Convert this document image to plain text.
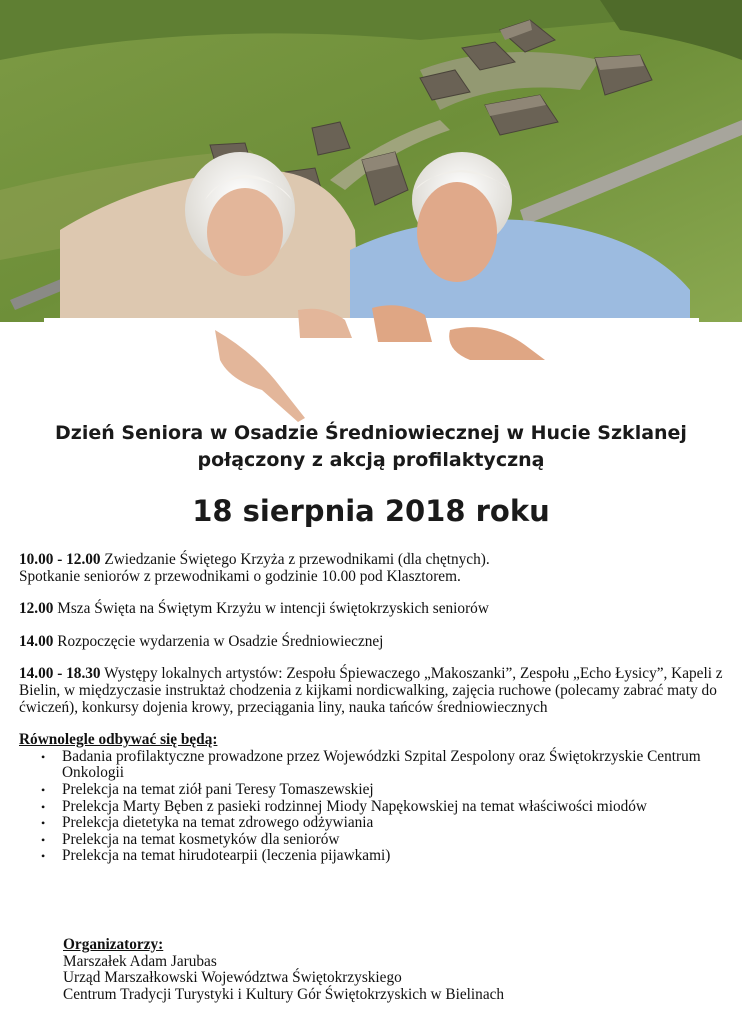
Dzień Seniora w Osadzie Średniowiecznej w Hucie Szklanej
połączony z akcją profilaktyczną
18 sierpnia 2018 roku
10.00 - 12.00 Zwiedzanie Świętego Krzyża z przewodnikami (dla chętnych).
Spotkanie seniorów z przewodnikami o godzinie 10.00 pod Klasztorem.
12.00 Msza Święta na Świętym Krzyżu w intencji świętokrzyskich seniorów
14.00 Rozpoczęcie wydarzenia w Osadzie Średniowiecznej
14.00 - 18.30 Występy lokalnych artystów: Zespołu Śpiewaczego „Makoszanki”, Zespołu „Echo Łysicy”, Kapeli z Bielin, w międzyczasie instruktaż chodzenia z kijkami nordicwalking, zajęcia ruchowe (polecamy zabrać maty do ćwiczeń), konkursy dojenia krowy, przeciągania liny, nauka tańców średniowiecznych
Równolegle odbywać się będą:
• Badania profilaktyczne prowadzone przez Wojewódzki Szpital Zespolony oraz Świętokrzyskie Centrum Onkologii
• Prelekcja na temat ziół pani Teresy Tomaszewskiej
• Prelekcja Marty Bęben z pasieki rodzinnej Miody Napękowskiej na temat właściwości miodów
• Prelekcja dietetyka na temat zdrowego odżywiania
• Prelekcja na temat kosmetyków dla seniorów
• Prelekcja na temat hirudotearpii (leczenia pijawkami)
Organizatorzy:
Marszałek Adam Jarubas
Urząd Marszałkowski Województwa Świętokrzyskiego
Centrum Tradycji Turystyki i Kultury Gór Świętokrzyskich w Bielinach
